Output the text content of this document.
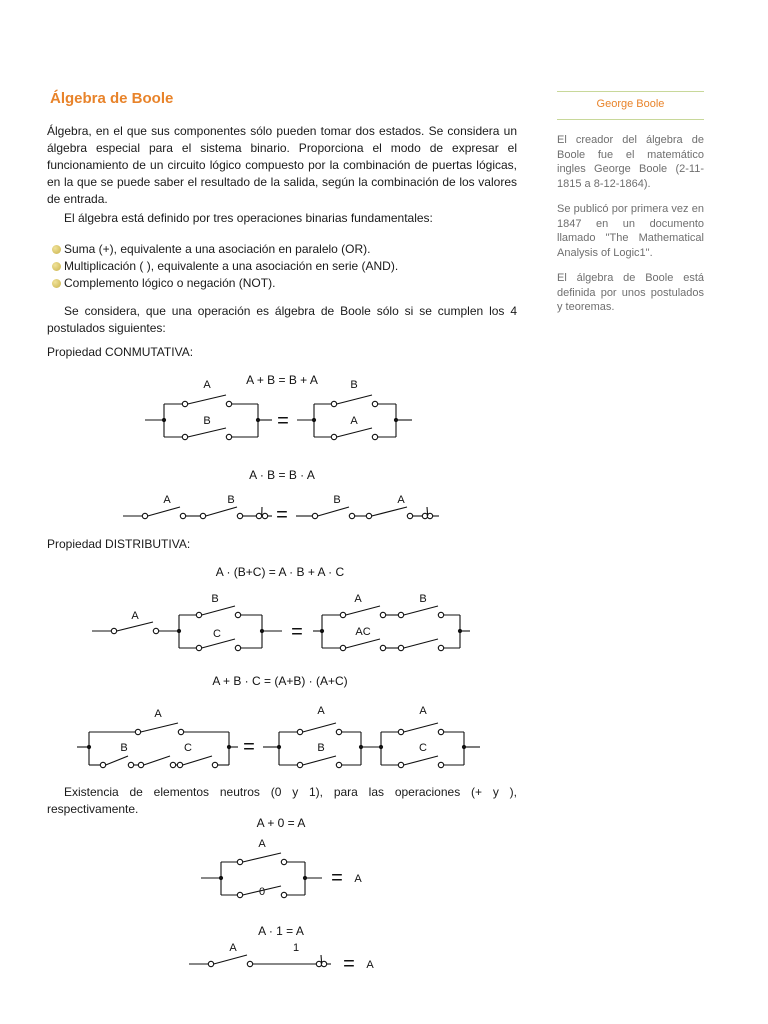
Álgebra de Boole

Álgebra, en el que sus componentes sólo pueden tomar dos estados. Se considera un álgebra especial para el sistema binario. Proporciona el modo de expresar el funcionamiento de un circuito lógico compuesto por la combinación de puertas lógicas, en la que se puede saber el resultado de la salida, según la combinación de los valores de entrada.

El álgebra está definido por tres operaciones binarias fundamentales:

Suma (+), equivalente a una asociación en paralelo (OR).
Multiplicación ( ), equivalente a una asociación en serie (AND).
Complemento lógico o negación (NOT).

Se considera, que una operación es álgebra de Boole sólo si se cumplen los 4 postulados siguientes:

Propiedad CONMUTATIVA:

Propiedad DISTRIBUTIVA:

Existencia de elementos neutros (0 y 1), para las operaciones (+ y ), respectivamente.

A + B = B + A
A
B	=
B
A
A · B = B · A
A	B
=
B	A
A · (B+C) = A · B + A · C
A
B
C	=
A	B
AC
A + B · C = (A+B) · (A+C)
A
B	C	=
A
B
A
C
A + 0 = A
A
0
= A
A · 1 = A
A	1
= A

George Boole

El creador del álgebra de Boole fue el matemático ingles George Boole (2-11-1815 a 8-12-1864).

Se publicó por primera vez en 1847 en un documento llamado "The Mathematical Analysis of Logic1".

El álgebra de Boole está definida por unos postulados y teoremas.
